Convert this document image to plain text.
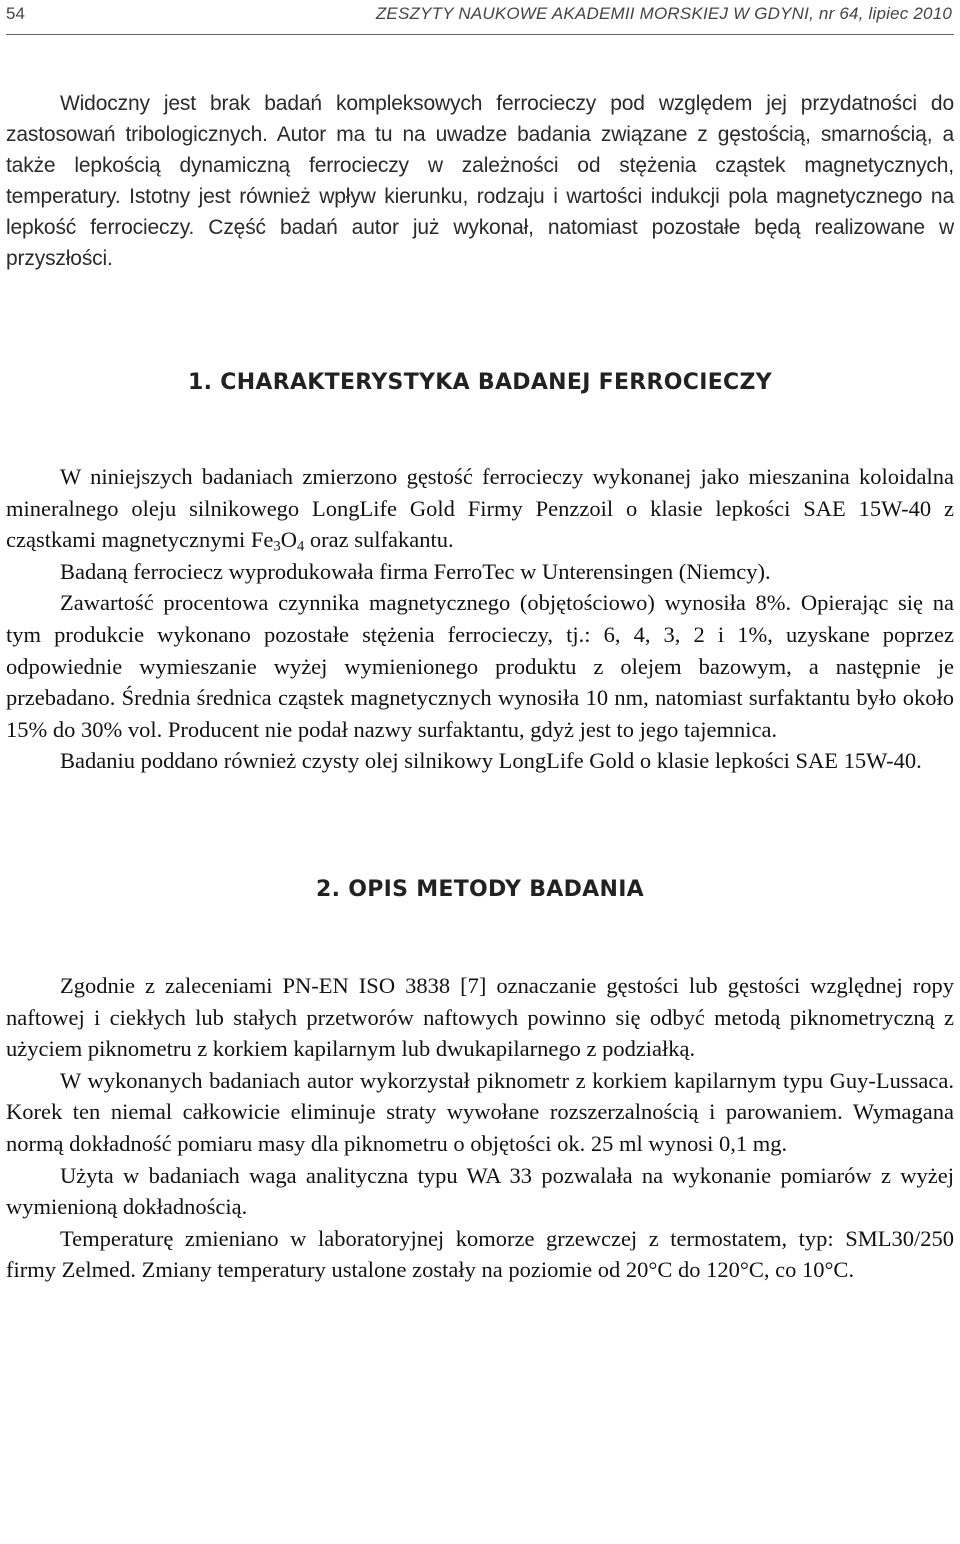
54	ZESZYTY NAUKOWE AKADEMII MORSKIEJ W GDYNI, nr 64, lipiec 2010

Widoczny jest brak badań kompleksowych ferrocieczy pod względem jej przydatności do zastosowań tribologicznych. Autor ma tu na uwadze badania związane z gęstością, smarnością, a także lepkością dynamiczną ferrocieczy w zależności od stężenia cząstek magnetycznych, temperatury. Istotny jest również wpływ kierunku, rodzaju i wartości indukcji pola magnetycznego na lepkość ferrocieczy. Część badań autor już wykonał, natomiast pozostałe będą realizowane w przyszłości.

1. CHARAKTERYSTYKA BADANEJ FERROCIECZY

W niniejszych badaniach zmierzono gęstość ferrocieczy wykonanej jako mieszanina koloidalna mineralnego oleju silnikowego LongLife Gold Firmy Penzzoil o klasie lepkości SAE 15W-40 z cząstkami magnetycznymi $Fe_3O_4$ oraz sulfakantu.

Badaną ferrociecz wyprodukowała firma FerroTec w Unterensingen (Niemcy).

Zawartość procentowa czynnika magnetycznego (objętościowo) wynosiła 8%. Opierając się na tym produkcie wykonano pozostałe stężenia ferrocieczy, tj.: 6, 4, 3, 2 i 1%, uzyskane poprzez odpowiednie wymieszanie wyżej wymienionego produktu z olejem bazowym, a następnie je przebadano. Średnia średnica cząstek magnetycznych wynosiła 10 nm, natomiast surfaktantu było około 15% do 30% vol. Producent nie podał nazwy surfaktantu, gdyż jest to jego tajemnica.

Badaniu poddano również czysty olej silnikowy LongLife Gold o klasie lepkości SAE 15W-40.

2. OPIS METODY BADANIA

Zgodnie z zaleceniami PN-EN ISO 3838 [7] oznaczanie gęstości lub gęstości względnej ropy naftowej i ciekłych lub stałych przetworów naftowych powinno się odbyć metodą piknometryczną z użyciem piknometru z korkiem kapilarnym lub dwukapilarnego z podziałką.

W wykonanych badaniach autor wykorzystał piknometr z korkiem kapilarnym typu Guy-Lussaca. Korek ten niemal całkowicie eliminuje straty wywołane rozszerzalnością i parowaniem. Wymagana normą dokładność pomiaru masy dla piknometru o objętości ok. 25 ml wynosi 0,1 mg.

Użyta w badaniach waga analityczna typu WA 33 pozwalała na wykonanie pomiarów z wyżej wymienioną dokładnością.

Temperaturę zmieniano w laboratoryjnej komorze grzewczej z termostatem, typ: SML30/250 firmy Zelmed. Zmiany temperatury ustalone zostały na poziomie od 20°C do 120°C, co 10°C.
